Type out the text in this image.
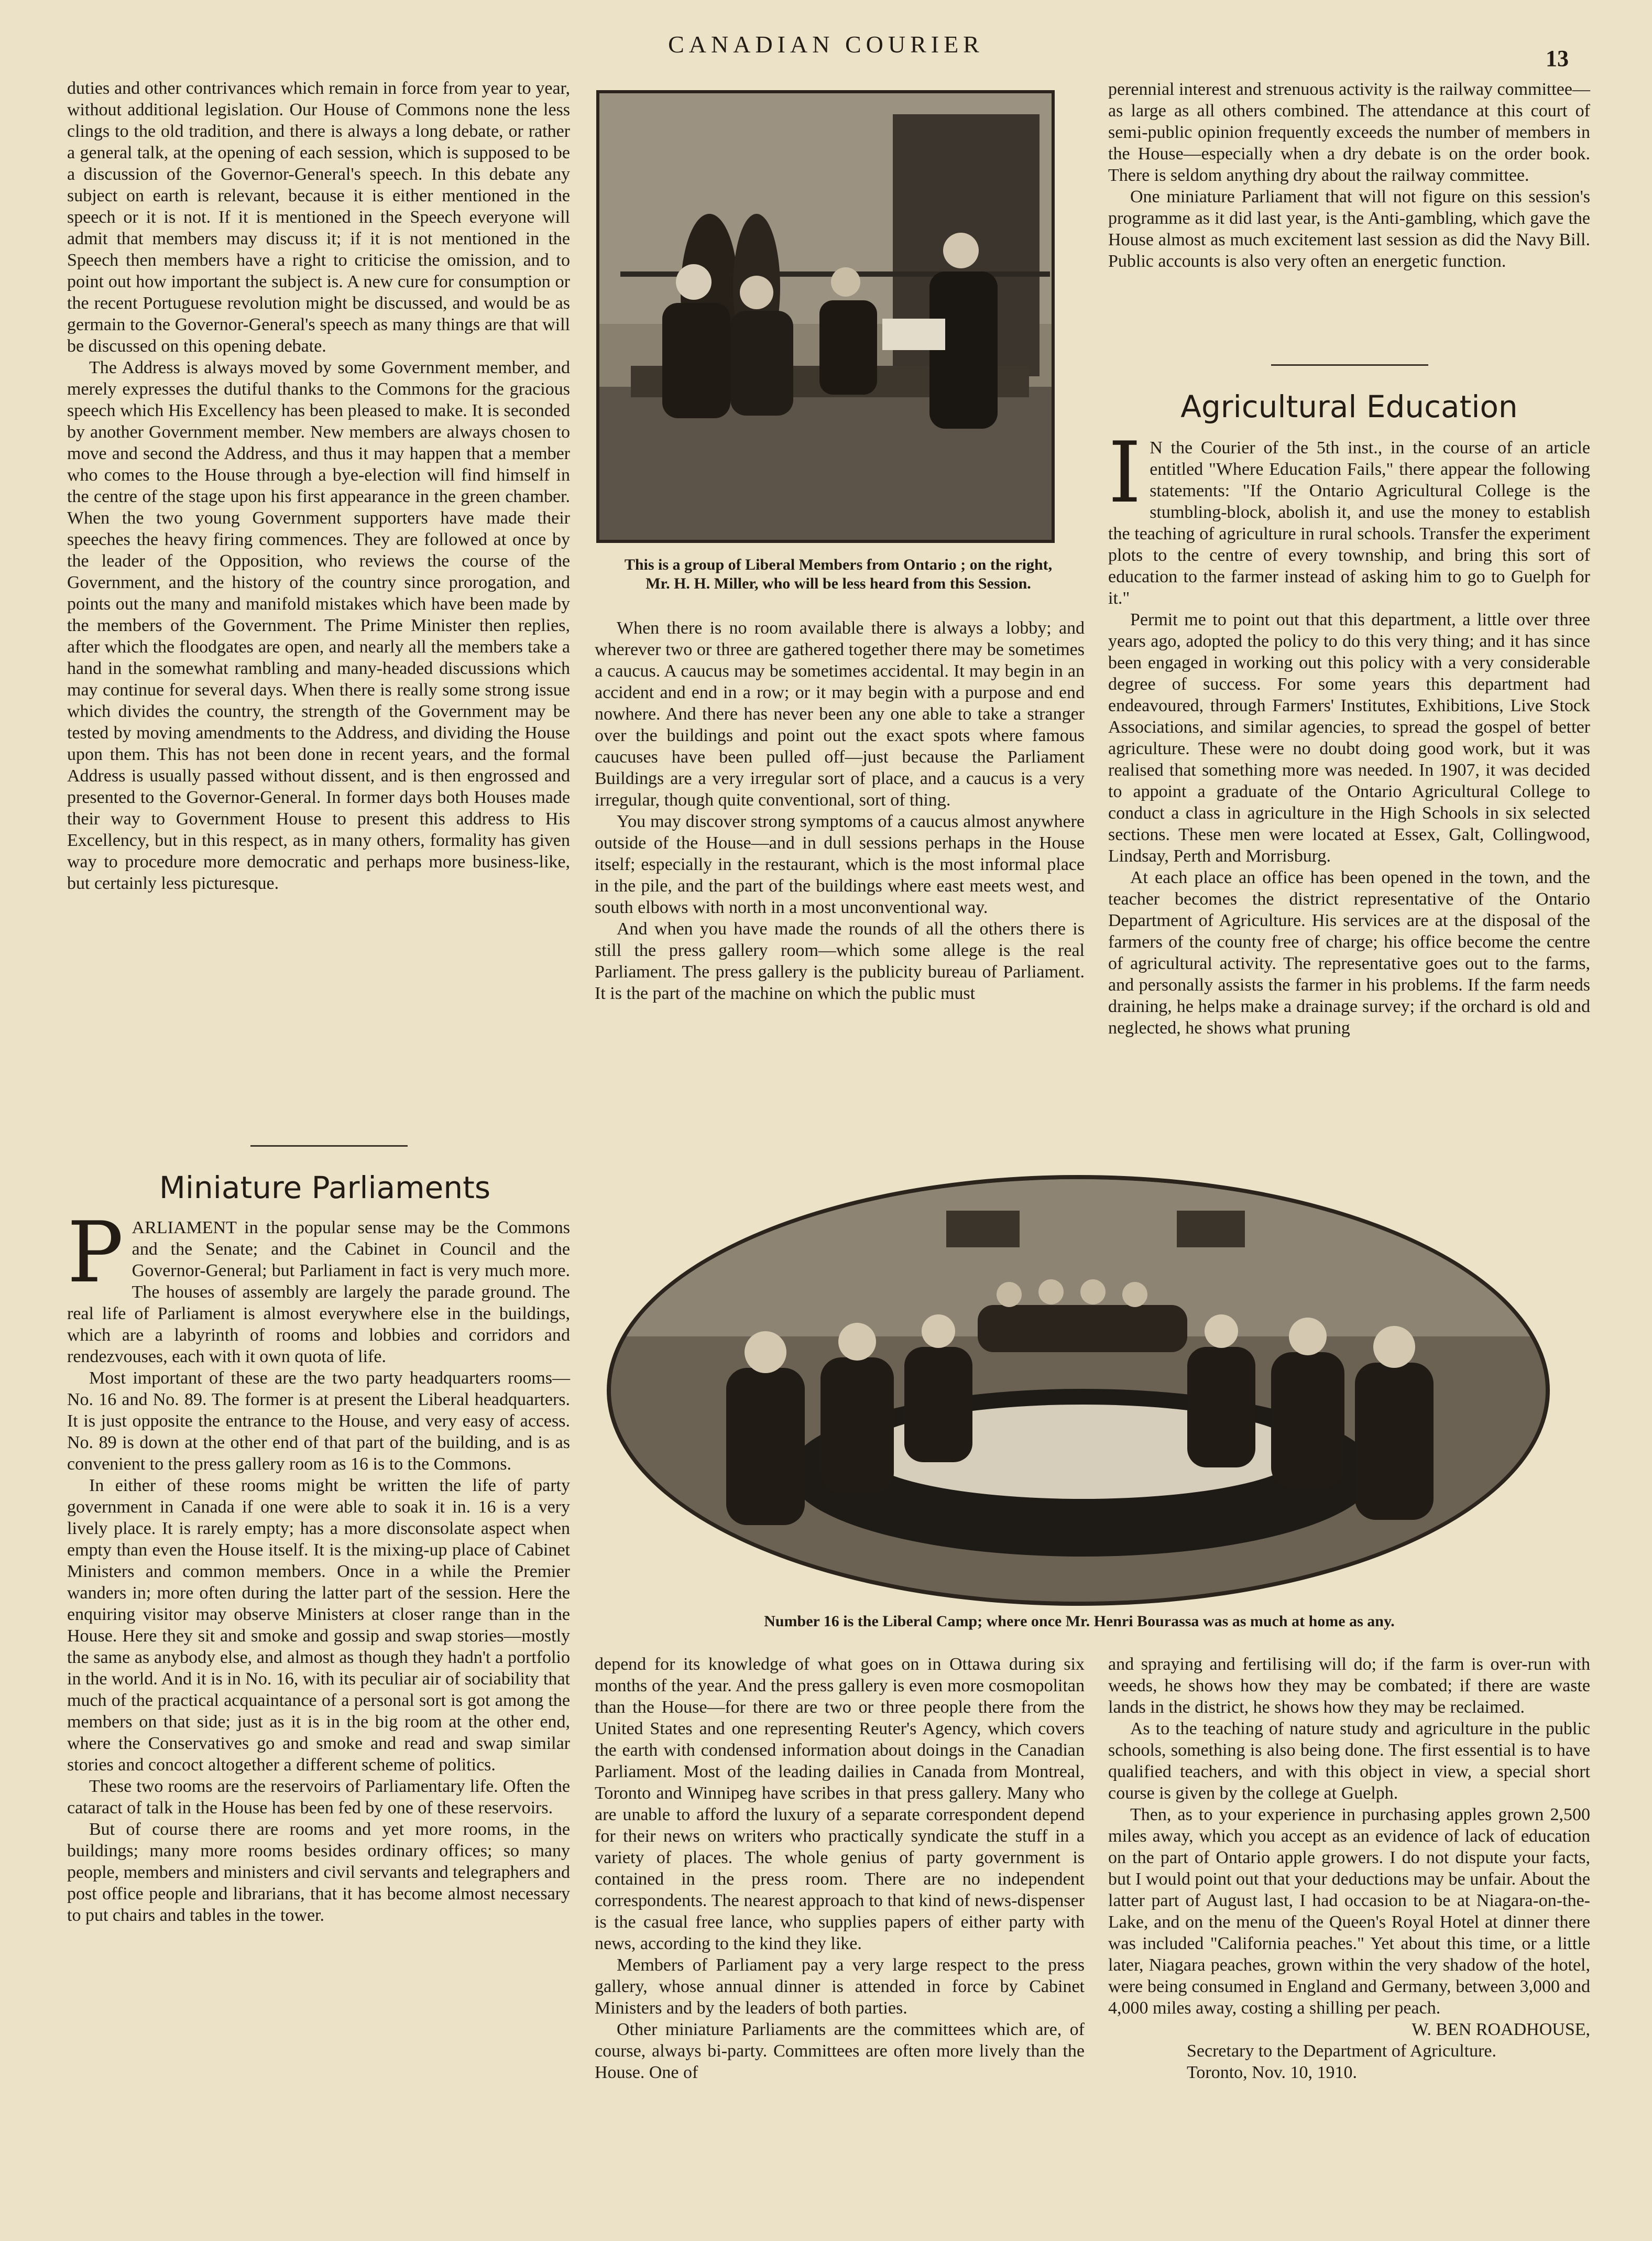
CANADIAN COURIER
13

duties and other contrivances which remain in force from year to year, without additional legislation. Our House of Commons none the less clings to the old tradition, and there is always a long debate, or rather a general talk, at the opening of each session, which is supposed to be a discussion of the Governor-General's speech. In this debate any subject on earth is relevant, because it is either mentioned in the speech or it is not. If it is mentioned in the Speech everyone will admit that members may discuss it; if it is not mentioned in the Speech then members have a right to criticise the omission, and to point out how important the subject is. A new cure for consumption or the recent Portuguese revolution might be discussed, and would be as germain to the Governor-General's speech as many things are that will be discussed on this opening debate.

The Address is always moved by some Government member, and merely expresses the dutiful thanks to the Commons for the gracious speech which His Excellency has been pleased to make. It is seconded by another Government member. New members are always chosen to move and second the Address, and thus it may happen that a member who comes to the House through a bye-election will find himself in the centre of the stage upon his first appearance in the green chamber. When the two young Government supporters have made their speeches the heavy firing commences. They are followed at once by the leader of the Opposition, who reviews the course of the Government, and the history of the country since prorogation, and points out the many and manifold mistakes which have been made by the members of the Government. The Prime Minister then replies, after which the floodgates are open, and nearly all the members take a hand in the somewhat rambling and many-headed discussions which may continue for several days. When there is really some strong issue which divides the country, the strength of the Government may be tested by moving amendments to the Address, and dividing the House upon them. This has not been done in recent years, and the formal Address is usually passed without dissent, and is then engrossed and presented to the Governor-General. In former days both Houses made their way to Government House to present this address to His Excellency, but in this respect, as in many others, formality has given way to procedure more democratic and perhaps more business-like, but certainly less picturesque.

Miniature Parliaments

PARLIAMENT in the popular sense may be the Commons and the Senate; and the Cabinet in Council and the Governor-General; but Parliament in fact is very much more. The houses of assembly are largely the parade ground. The real life of Parliament is almost everywhere else in the buildings, which are a labyrinth of rooms and lobbies and corridors and rendezvouses, each with it own quota of life.

Most important of these are the two party headquarters rooms—No. 16 and No. 89. The former is at present the Liberal headquarters. It is just opposite the entrance to the House, and very easy of access. No. 89 is down at the other end of that part of the building, and is as convenient to the press gallery room as 16 is to the Commons.

In either of these rooms might be written the life of party government in Canada if one were able to soak it in. 16 is a very lively place. It is rarely empty; has a more disconsolate aspect when empty than even the House itself. It is the mixing-up place of Cabinet Ministers and common members. Once in a while the Premier wanders in; more often during the latter part of the session. Here the enquiring visitor may observe Ministers at closer range than in the House. Here they sit and smoke and gossip and swap stories—mostly the same as anybody else, and almost as though they hadn't a portfolio in the world. And it is in No. 16, with its peculiar air of sociability that much of the practical acquaintance of a personal sort is got among the members on that side; just as it is in the big room at the other end, where the Conservatives go and smoke and read and swap similar stories and concoct altogether a different scheme of politics.

These two rooms are the reservoirs of Parliamentary life. Often the cataract of talk in the House has been fed by one of these reservoirs.

But of course there are rooms and yet more rooms, in the buildings; many more rooms besides ordinary offices; so many people, members and ministers and civil servants and telegraphers and post office people and librarians, that it has become almost necessary to put chairs and tables in the tower.

This is a group of Liberal Members from Ontario ; on the right, Mr. H. H. Miller, who will be less heard from this Session.

When there is no room available there is always a lobby; and wherever two or three are gathered together there may be sometimes a caucus. A caucus may be sometimes accidental. It may begin in an accident and end in a row; or it may begin with a purpose and end nowhere. And there has never been any one able to take a stranger over the buildings and point out the exact spots where famous caucuses have been pulled off—just because the Parliament Buildings are a very irregular sort of place, and a caucus is a very irregular, though quite conventional, sort of thing.

You may discover strong symptoms of a caucus almost anywhere outside of the House—and in dull sessions perhaps in the House itself; especially in the restaurant, which is the most informal place in the pile, and the part of the buildings where east meets west, and south elbows with north in a most unconventional way.

And when you have made the rounds of all the others there is still the press gallery room—which some allege is the real Parliament. The press gallery is the publicity bureau of Parliament. It is the part of the machine on which the public must

perennial interest and strenuous activity is the railway committee—as large as all others combined. The attendance at this court of semi-public opinion frequently exceeds the number of members in the House—especially when a dry debate is on the order book. There is seldom anything dry about the railway committee.

One miniature Parliament that will not figure on this session's programme as it did last year, is the Anti-gambling, which gave the House almost as much excitement last session as did the Navy Bill. Public accounts is also very often an energetic function.

Agricultural Education

I N the Courier of the 5th inst., in the course of an article entitled "Where Education Fails," there appear the following statements: "If the Ontario Agricultural College is the stumbling-block, abolish it, and use the money to establish the teaching of agriculture in rural schools. Transfer the experiment plots to the centre of every township, and bring this sort of education to the farmer instead of asking him to go to Guelph for it."

Permit me to point out that this department, a little over three years ago, adopted the policy to do this very thing; and it has since been engaged in working out this policy with a very considerable degree of success. For some years this department had endeavoured, through Farmers' Institutes, Exhibitions, Live Stock Associations, and similar agencies, to spread the gospel of better agriculture. These were no doubt doing good work, but it was realised that something more was needed. In 1907, it was decided to appoint a graduate of the Ontario Agricultural College to conduct a class in agriculture in the High Schools in six selected sections. These men were located at Essex, Galt, Collingwood, Lindsay, Perth and Morrisburg.

At each place an office has been opened in the town, and the teacher becomes the district representative of the Ontario Department of Agriculture. His services are at the disposal of the farmers of the county free of charge; his office become the centre of agricultural activity. The representative goes out to the farms, and personally assists the farmer in his problems. If the farm needs draining, he helps make a drainage survey; if the orchard is old and neglected, he shows what pruning

Number 16 is the Liberal Camp; where once Mr. Henri Bourassa was as much at home as any.

depend for its knowledge of what goes on in Ottawa during six months of the year. And the press gallery is even more cosmopolitan than the House—for there are two or three people there from the United States and one representing Reuter's Agency, which covers the earth with condensed information about doings in the Canadian Parliament. Most of the leading dailies in Canada from Montreal, Toronto and Winnipeg have scribes in that press gallery. Many who are unable to afford the luxury of a separate correspondent depend for their news on writers who practically syndicate the stuff in a variety of places. The whole genius of party government is contained in the press room. There are no independent correspondents. The nearest approach to that kind of news-dispenser is the casual free lance, who supplies papers of either party with news, according to the kind they like.

Members of Parliament pay a very large respect to the press gallery, whose annual dinner is attended in force by Cabinet Ministers and by the leaders of both parties.

Other miniature Parliaments are the committees which are, of course, always bi-party. Committees are often more lively than the House. One of

and spraying and fertilising will do; if the farm is over-run with weeds, he shows how they may be combated; if there are waste lands in the district, he shows how they may be reclaimed.

As to the teaching of nature study and agriculture in the public schools, something is also being done. The first essential is to have qualified teachers, and with this object in view, a special short course is given by the college at Guelph.

Then, as to your experience in purchasing apples grown 2,500 miles away, which you accept as an evidence of lack of education on the part of Ontario apple growers. I do not dispute your facts, but I would point out that your deductions may be unfair. About the latter part of August last, I had occasion to be at Niagara-on-the-Lake, and on the menu of the Queen's Royal Hotel at dinner there was included "California peaches." Yet about this time, or a little later, Niagara peaches, grown within the very shadow of the hotel, were being consumed in England and Germany, between 3,000 and 4,000 miles away, costing a shilling per peach.

W. BEN ROADHOUSE,

Secretary to the Department of Agriculture.

Toronto, Nov. 10, 1910.
